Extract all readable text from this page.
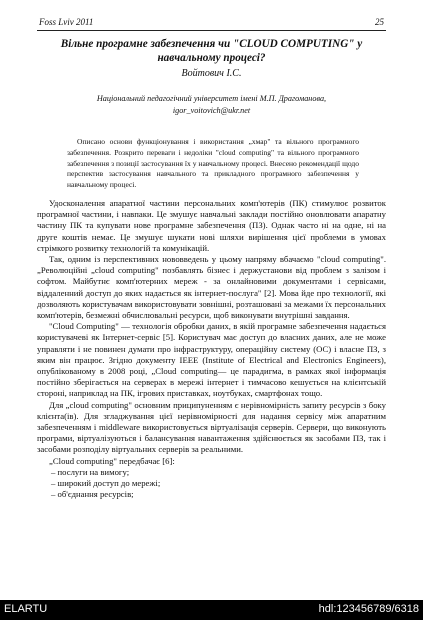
Foss Lviv 2011	25
Вільне програмне забезпечення чи "CLOUD COMPUTING" у навчальному процесі?
Войтович І.С.
Національний педагогічний університет імені М.П. Драгоманова,
igor_voitovich@ukr.net
Описано основи функціонування і використання „хмар" та вільного програмного забезпечення. Розкрито переваги і недоліки "cloud computing" та вільного програмного забезпечення з позиції застосування їх у навчальному процесі. Внесено рекомендації щодо перспектив застосування навчального та прикладного програмного забезпечення у навчальному процесі.

Удосконалення апаратної частини персональних комп'ютерів (ПК) стимулює розвиток програмної частини, і навпаки. Це змушує навчальні заклади постійно оновлювати апаратну частину ПК та купувати нове програмне забезпечення (ПЗ). Однак часто ні на одне, ні на друге коштів немає. Це змушує шукати нові шляхи вирішення цієї проблеми в умовах стрімкого розвитку технологій та комунікацій.

Так, одним із перспективних нововведень у цьому напряму вбачаємо "cloud computing". „Революційні „cloud computing" позбавлять бізнес і держустанови від проблем з залізом і софтом. Майбутнє комп'ютерних мереж - за онлайновими документами і сервісами, віддаленний доступ до яких надається як інтернет-послуга" [2]. Мова йде про технології, які дозволяють користувачам використовувати зовнішні, розташовані за межами їх персональних комп'ютерів, безмежні обчислювальні ресурси, щоб виконувати внутрішні завдання.

"Cloud Computing" — технологія обробки даних, в якій програмне забезпечення надається користувачеві як Інтернет-сервіс [5]. Користувач має доступ до власних даних, але не може управляти і не повинен думати про інфраструктуру, операційну систему (ОС) і власне ПЗ, з яким він працює. Згідно документу IEEE (Institute of Electrical and Electronics Engineers), опублікованому в 2008 році, „Cloud computing— це парадигма, в рамках якої інформація постійно зберігається на серверах в мережі інтернет і тимчасово кешується на клієнтській стороні, наприклад на ПК, ігрових приставках, ноутбуках, смартфонах тощо.

Для „cloud computing" основним приципуненням є нерівномірність запиту ресурсів з боку клієнта(ів). Для згладжування цієї нерівномірності для надання сервісу між апаратним забезпеченням і middleware використовується віртуалізація серверів. Сервери, що виконують програми, віртуалізуються і балансування навантаження здійснюється як засобами ПЗ, так і засобами розподілу віртуальних серверів за реальними.

„Cloud computing" передбачає [6]:

– послуги на вимогу;
– широкий доступ до мережі;
– об'єднання ресурсів;
ELARTU	hdl:123456789/6318
